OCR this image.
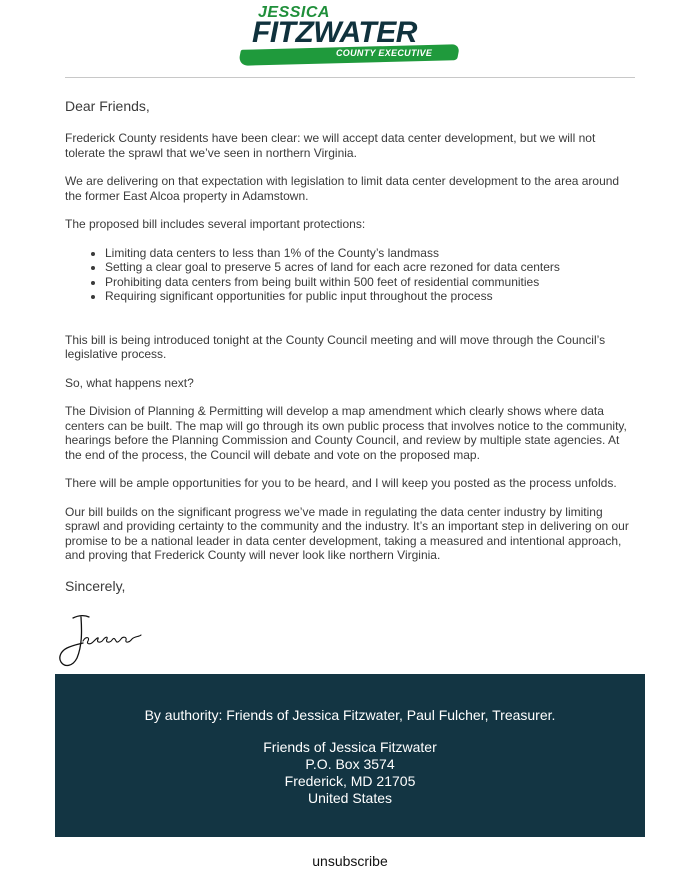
JESSICA
FITZWATER
COUNTY EXECUTIVE

Dear Friends,

Frederick County residents have been clear: we will accept data center development, but we will not tolerate the sprawl that we’ve seen in northern Virginia.

We are delivering on that expectation with legislation to limit data center development to the area around the former East Alcoa property in Adamstown.

The proposed bill includes several important protections:

• Limiting data centers to less than 1% of the County’s landmass
• Setting a clear goal to preserve 5 acres of land for each acre rezoned for data centers
• Prohibiting data centers from being built within 500 feet of residential communities
• Requiring significant opportunities for public input throughout the process

This bill is being introduced tonight at the County Council meeting and will move through the Council’s legislative process.

So, what happens next?

The Division of Planning & Permitting will develop a map amendment which clearly shows where data centers can be built. The map will go through its own public process that involves notice to the community, hearings before the Planning Commission and County Council, and review by multiple state agencies. At the end of the process, the Council will debate and vote on the proposed map.

There will be ample opportunities for you to be heard, and I will keep you posted as the process unfolds.

Our bill builds on the significant progress we’ve made in regulating the data center industry by limiting sprawl and providing certainty to the community and the industry. It’s an important step in delivering on our promise to be a national leader in data center development, taking a measured and intentional approach, and proving that Frederick County will never look like northern Virginia.

Sincerely,

By authority: Friends of Jessica Fitzwater, Paul Fulcher, Treasurer.
Friends of Jessica Fitzwater
P.O. Box 3574
Frederick, MD 21705
United States
unsubscribe
